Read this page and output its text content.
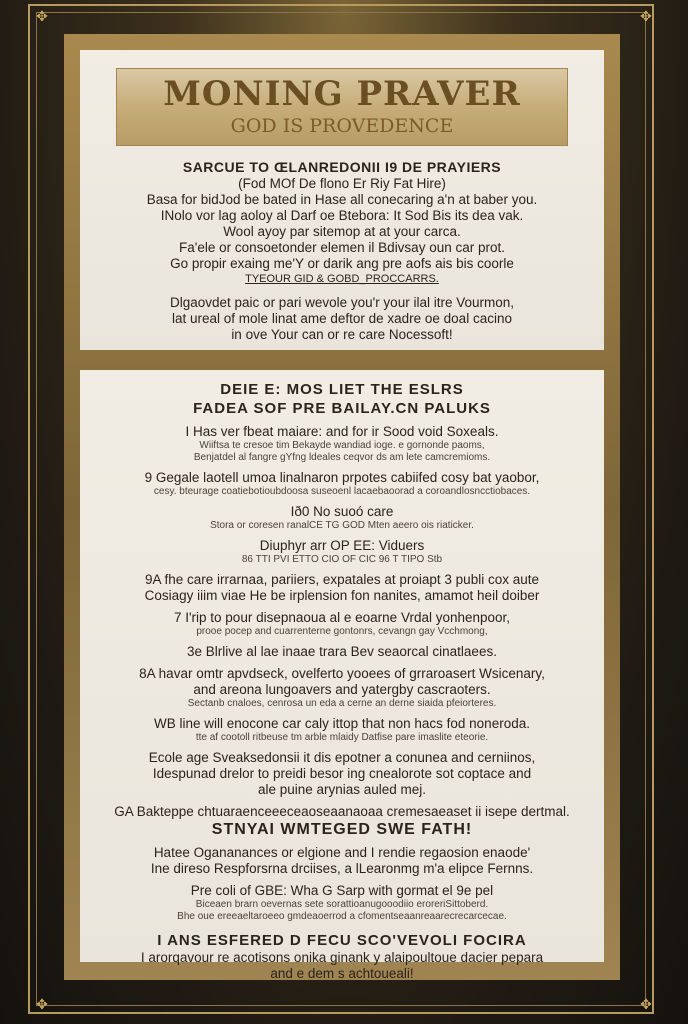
✥	✥
✥	✥
MONING PRAVER
GOD IS PROVEDENCE
SARCUE TO ŒLANREDONII I9 DE PRAYIERS
(Fod MOf De flono Er Riy Fat Hire)
Basa for bidJod be bated in Hase all conecaring a'n at baber you.
INolo vor lag aoloy al Darf oe Btebora: It Sod Bis its dea vak.
Wool ayoy par sitemop at at your carca.
Fa'ele or consoetonder elemen il Bdivsay oun car prot.
Go propir exaing me'Y or darik ang pre aofs ais bis coorle
TYEOUR GID & GOBD_PROCCARRS.
Dlgaovdet paic or pari wevole you'r your ilal itre Vourmon,
lat ureal of mole linat ame deftor de xadre oe doal cacino
in ove Your can or re care Nocessoft!
DEIE E: MOS LIET THE ESLRS
FADEA SOF PRE BAILAY.CN PALUKS
I Has ver fbeat maiare: and for ir Sood void Soxeals.
Wiiftsa te cresoe tim Bekayde wandiad ioge. e gornonde paoms,
Benjatdel al fangre gYfng ldeales ceqvor ds am lete camcremioms.
9 Gegale laotell umoa linalnaron prpotes cabiifed cosy bat yaobor,
cesy. bteurage coatiebotioubdoosa suseoenl lacaebaoorad a coroandlosncctiobaces.
Ið0 No suoó care
Stora or coresen ranalCE TG GOD Mten aeero ois riaticker.
Diuphyr arr OP EE: Viduers
86 TTI PVI ETTO CIO OF CIC 96 T TIPO Stb
9A fhe care irrarnaa, pariiers, expatales at proiapt 3 publi cox aute
Cosiagy iiim viae He be irplension fon nanites, amamot heil doiber
7 I'rip to pour disepnaoua al e eoarne Vrdal yonhenpoor,
prooe pocep and cuarrenterne gontonrs, cevangn gay Vcchmong,
3e Blrlive al lae inaae trara Bev seaorcal cinatlaees.
8A havar omtr apvdseck, ovelferto yooees of grraroasert Wsicenary,
and areona lungoavers and yatergby cascraoters.
Sectanb cnaloes, cenrosa un eda a cerne an derne siaida pfeiorteres.
WB line will enocone car caly ittop that non hacs fod noneroda.
tte af cootoll ritbeuse tm arble mlaidy Datfise pare imaslite eteorie.
Ecole age Sveaksedonsii it dis epotner a conunea and cerniinos,
Idespunad drelor to preidi besor ing cnealorote sot coptace and
ale puine arynias auled mej.
GA Bakteppe chtuaraenceeeceaoseaanaoaa cremesaeaset ii isepe dertmal.
STNYAI WMTEGED SWE FATH!
Hatee Ogananances or elgione and I rendie regaosion enaode'
Ine direso Respforsrna drciises, a lLearonmg m'a elipce Fernns.
Pre coli of GBE: Wha G Sarp with gormat el 9e pel
Biceaen brarn oevernas sete sorattioanugooodiio eroreriSittoberd.
Bhe oue ereeaeltaroeeo gmdeaoerrod a cfomentseaanreaarecrecarcecae.
I ANS ESFERED D FECU SCO'VEVOLI FOCIRA
I arorqavour re acotisons onika ginank y alaipoultoue dacier pepara
and e dem s achtoueali!
